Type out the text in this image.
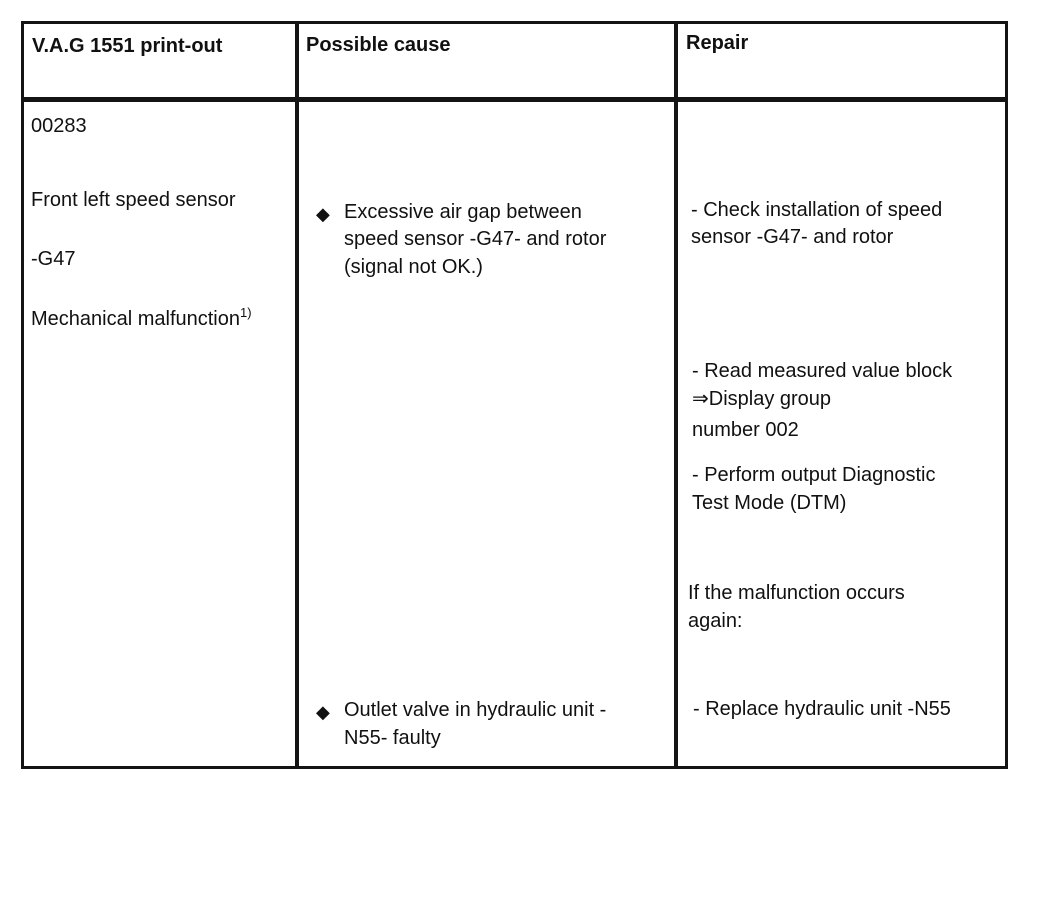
V.A.G 1551 print-out	Possible cause	Repair
00283
Front left speed sensor
-G47
Mechanical malfunction$^{1)}$
◆ Excessive air gap between
speed sensor -G47- and rotor
(signal not OK.)
◆ Outlet valve in hydraulic unit -
N55- faulty
- Check installation of speed
sensor -G47- and rotor
- Read measured value block
⇒Display group
number 002
- Perform output Diagnostic
Test Mode (DTM)
If the malfunction occurs
again:
- Replace hydraulic unit -N55
